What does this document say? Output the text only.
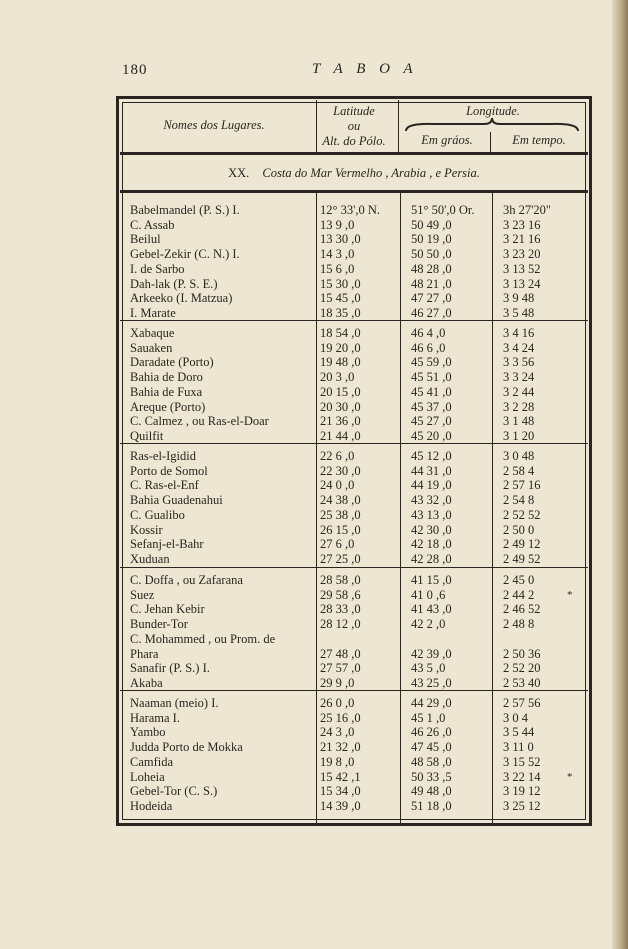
180	T A B O A
Nomes dos Lugares.
Latitude
ou
Alt. do Pólo.
Longitude.
Em gráos.	Em tempo.
XX. Costa do Mar Vermelho , Arabia , e Persia.
Babelmandel (P. S.) I.	12° 33',0 N.	51° 50',0 Or.	3h 27'20"
C. Assab	13 9 ,0	50 49 ,0	3 23 16
Beilul	13 30 ,0	50 19 ,0	3 21 16
Gebel-Zekir (C. N.) I.	14 3 ,0	50 50 ,0	3 23 20
I. de Sarbo	15 6 ,0	48 28 ,0	3 13 52
Dah-lak (P. S. E.)	15 30 ,0	48 21 ,0	3 13 24
Arkeeko (I. Matzua)	15 45 ,0	47 27 ,0	3 9 48
I. Marate	18 35 ,0	46 27 ,0	3 5 48
Xabaque	18 54 ,0	46 4 ,0	3 4 16
Sauaken	19 20 ,0	46 6 ,0	3 4 24
Daradate (Porto)	19 48 ,0	45 59 ,0	3 3 56
Bahia de Doro	20 3 ,0	45 51 ,0	3 3 24
Bahia de Fuxa	20 15 ,0	45 41 ,0	3 2 44
Areque (Porto)	20 30 ,0	45 37 ,0	3 2 28
C. Calmez , ou Ras-el-Doar	21 36 ,0	45 27 ,0	3 1 48
Quilfit	21 44 ,0	45 20 ,0	3 1 20
Ras-el-Igidid	22 6 ,0	45 12 ,0	3 0 48
Porto de Somol	22 30 ,0	44 31 ,0	2 58 4
C. Ras-el-Enf	24 0 ,0	44 19 ,0	2 57 16
Bahia Guadenahui	24 38 ,0	43 32 ,0	2 54 8
C. Gualibo	25 38 ,0	43 13 ,0	2 52 52
Kossir	26 15 ,0	42 30 ,0	2 50 0
Sefanj-el-Bahr	27 6 ,0	42 18 ,0	2 49 12
Xuduan	27 25 ,0	42 28 ,0	2 49 52
C. Doffa , ou Zafarana	28 58 ,0	41 15 ,0	2 45 0
Suez	29 58 ,6	41 0 ,6	2 44 2	*
C. Jehan Kebir	28 33 ,0	41 43 ,0	2 46 52
Bunder-Tor	28 12 ,0	42 2 ,0	2 48 8
C. Mohammed , ou Prom. de
Phara	27 48 ,0	42 39 ,0	2 50 36
Sanafir (P. S.) I.	27 57 ,0	43 5 ,0	2 52 20
Akaba	29 9 ,0	43 25 ,0	2 53 40
Naaman (meio) I.	26 0 ,0	44 29 ,0	2 57 56
Harama I.	25 16 ,0	45 1 ,0	3 0 4
Yambo	24 3 ,0	46 26 ,0	3 5 44
Judda Porto de Mokka	21 32 ,0	47 45 ,0	3 11 0
Camfida	19 8 ,0	48 58 ,0	3 15 52
Loheia	15 42 ,1	50 33 ,5	3 22 14	*
Gebel-Tor (C. S.)	15 34 ,0	49 48 ,0	3 19 12
Hodeida	14 39 ,0	51 18 ,0	3 25 12
